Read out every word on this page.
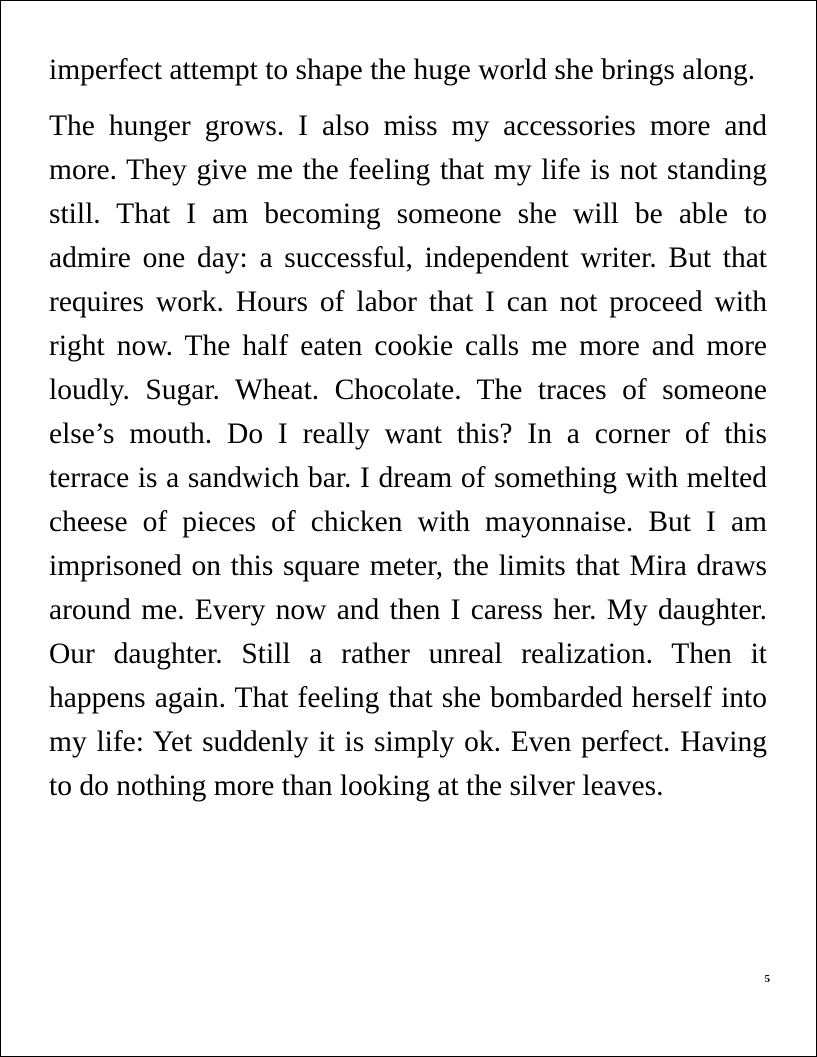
imperfect attempt to shape the huge world she brings along.

The hunger grows. I also miss my accessories more and more. They give me the feeling that my life is not standing still. That I am becoming someone she will be able to admire one day: a successful, independent writer. But that requires work. Hours of labor that I can not proceed with right now. The half eaten cookie calls me more and more loudly. Sugar. Wheat. Chocolate. The traces of someone else’s mouth. Do I really want this? In a corner of this terrace is a sandwich bar. I dream of something with melted cheese of pieces of chicken with mayonnaise. But I am imprisoned on this square meter, the limits that Mira draws around me. Every now and then I caress her. My daughter. Our daughter. Still a rather unreal realization. Then it happens again. That feeling that she bombarded herself into my life: Yet suddenly it is simply ok. Even perfect. Having to do nothing more than looking at the silver leaves.

5
